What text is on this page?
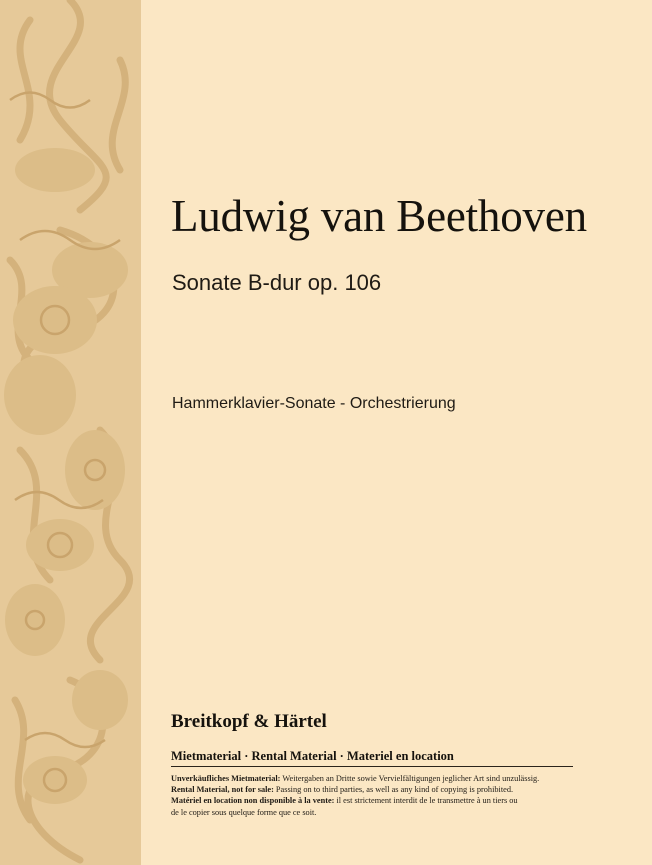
Ludwig van Beethoven
Sonate B-dur op. 106
Hammerklavier-Sonate - Orchestrierung
Breitkopf & Härtel
Mietmaterial · Rental Material · Materiel en location
Unverkäufliches Mietmaterial: Weitergaben an Dritte sowie Vervielfältigungen jeglicher Art sind unzulässig.
Rental Material, not for sale: Passing on to third parties, as well as any kind of copying is prohibited.
Matériel en location non disponible à la vente: il est strictement interdit de le transmettre à un tiers ou
de le copier sous quelque forme que ce soit.
